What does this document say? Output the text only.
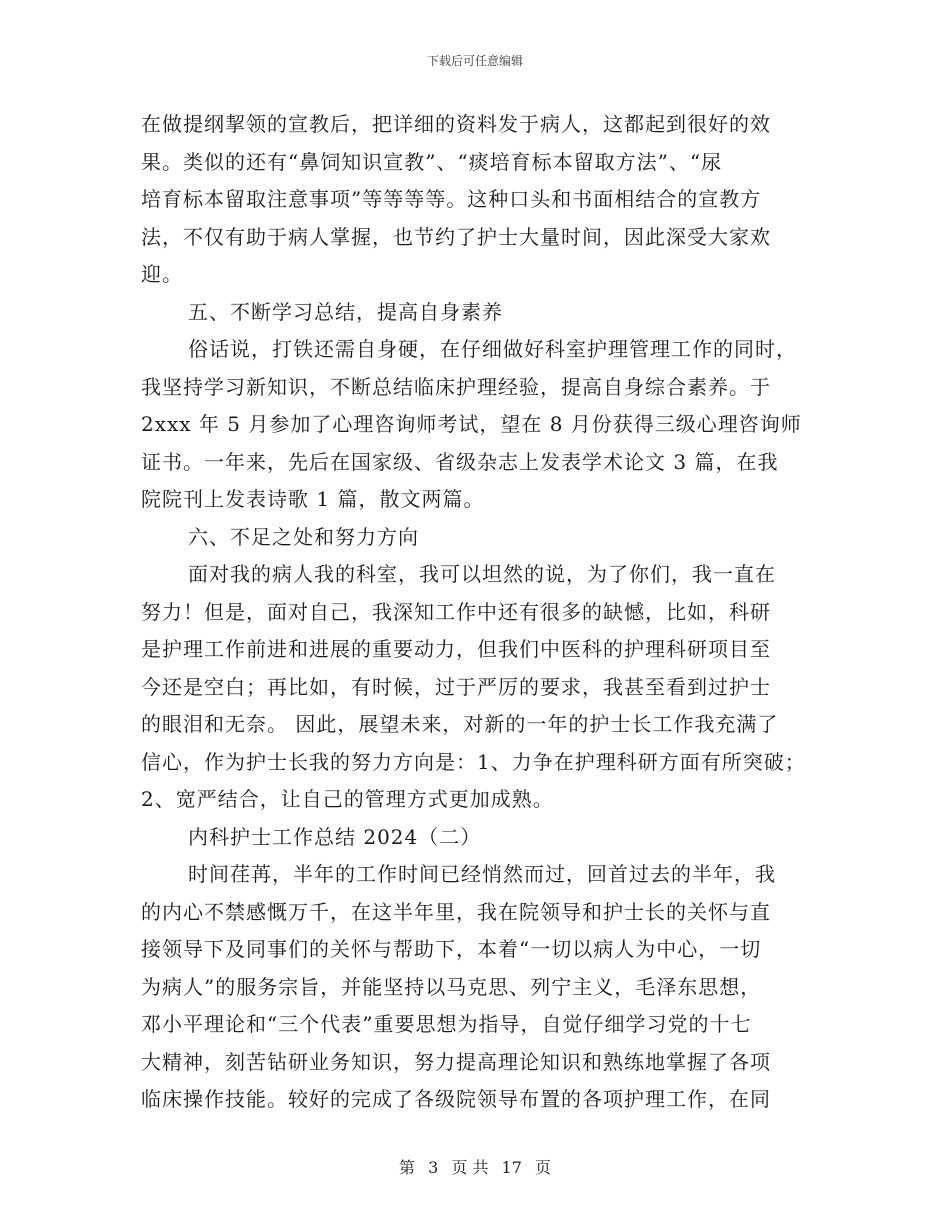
下载后可任意编辑
在做提纲挈领的宣教后，把详细的资料发于病人，这都起到很好的效
果。类似的还有“鼻饲知识宣教”、“痰培育标本留取方法”、“尿
培育标本留取注意事项”等等等等。这种口头和书面相结合的宣教方
法，不仅有助于病人掌握，也节约了护士大量时间，因此深受大家欢
迎。
五、不断学习总结，提高自身素养
俗话说，打铁还需自身硬，在仔细做好科室护理管理工作的同时，
我坚持学习新知识，不断总结临床护理经验，提高自身综合素养。于
2xxx 年 5 月参加了心理咨询师考试，望在 8 月份获得三级心理咨询师
证书。一年来，先后在国家级、省级杂志上发表学术论文 3 篇，在我
院院刊上发表诗歌 1 篇，散文两篇。
六、不足之处和努力方向
面对我的病人我的科室，我可以坦然的说，为了你们，我一直在
努力！但是，面对自己，我深知工作中还有很多的缺憾，比如，科研
是护理工作前进和进展的重要动力，但我们中医科的护理科研项目至
今还是空白；再比如，有时候，过于严厉的要求，我甚至看到过护士
的眼泪和无奈。 因此，展望未来，对新的一年的护士长工作我充满了
信心，作为护士长我的努力方向是：1、力争在护理科研方面有所突破；
2、宽严结合，让自己的管理方式更加成熟。
内科护士工作总结 2024（二）
时间荏苒，半年的工作时间已经悄然而过，回首过去的半年，我
的内心不禁感慨万千，在这半年里，我在院领导和护士长的关怀与直
接领导下及同事们的关怀与帮助下，本着“一切以病人为中心，一切
为病人”的服务宗旨，并能坚持以马克思、列宁主义，毛泽东思想，
邓小平理论和“三个代表”重要思想为指导，自觉仔细学习党的十七
大精神，刻苦钻研业务知识，努力提高理论知识和熟练地掌握了各项
临床操作技能。较好的完成了各级院领导布置的各项护理工作，在同
第 3 页 共 17 页
